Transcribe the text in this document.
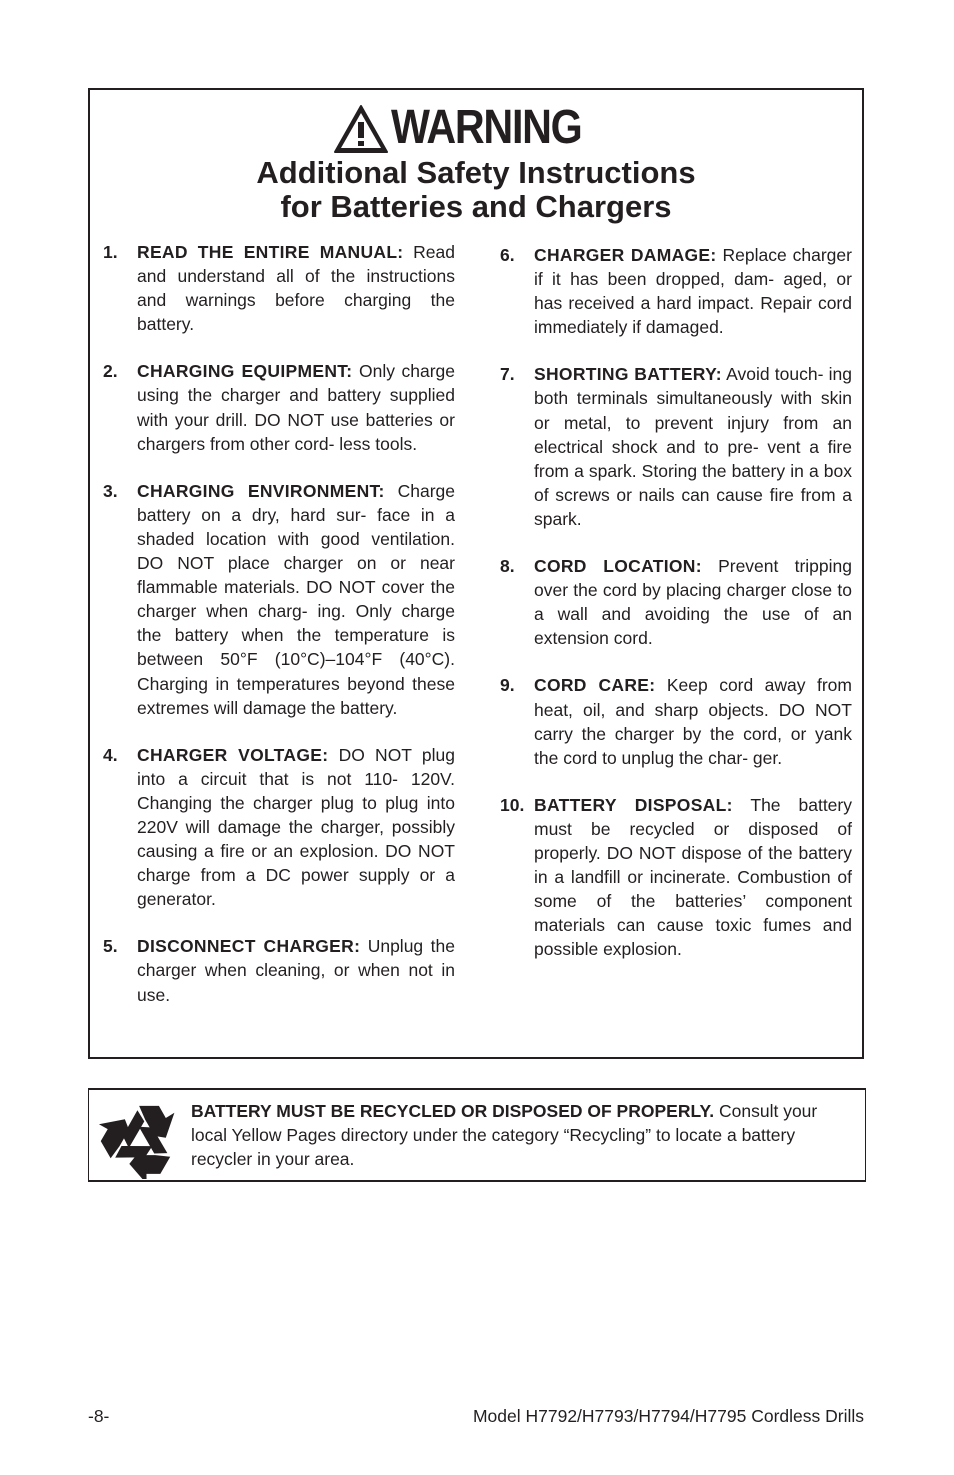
WARNING
Additional Safety Instructions
for Batteries and Chargers
1.	READ THE ENTIRE MANUAL: Read and understand all of the instructions and warnings before charging the battery.
2.	CHARGING EQUIPMENT: Only charge using the charger and battery supplied with your drill. DO NOT use batteries or chargers from other cord- less tools.
3.	CHARGING ENVIRONMENT: Charge battery on a dry, hard sur- face in a shaded location with good ventilation. DO NOT place charger on or near flammable materials. DO NOT cover the charger when charg- ing. Only charge the battery when the temperature is between 50°F (10°C)–104°F (40°C). Charging in temperatures beyond these extremes will damage the battery.
4.	CHARGER VOLTAGE: DO NOT plug into a circuit that is not 110- 120V. Changing the charger plug to plug into 220V will damage the charger, possibly causing a fire or an explosion. DO NOT charge from a DC power supply or a generator.
5.	DISCONNECT CHARGER: Unplug the charger when cleaning, or when not in use.
6.	CHARGER DAMAGE: Replace charger if it has been dropped, dam- aged, or has received a hard impact. Repair cord immediately if damaged.
7.	SHORTING BATTERY: Avoid touch- ing both terminals simultaneously with skin or metal, to prevent injury from an electrical shock and to pre- vent a fire from a spark. Storing the battery in a box of screws or nails can cause fire from a spark.
8.	CORD LOCATION: Prevent tripping over the cord by placing charger close to a wall and avoiding the use of an extension cord.
9.	CORD CARE: Keep cord away from heat, oil, and sharp objects. DO NOT carry the charger by the cord, or yank the cord to unplug the char- ger.
10. BATTERY DISPOSAL: The battery must be recycled or disposed of properly. DO NOT dispose of the battery in a landfill or incinerate. Combustion of some of the batteries’ component materials can cause toxic fumes and possible explosion.
BATTERY MUST BE RECYCLED OR DISPOSED OF PROPERLY. Consult your local Yellow Pages directory under the category “Recycling” to locate a battery recycler in your area.
-8-	Model H7792/H7793/H7794/H7795 Cordless Drills
